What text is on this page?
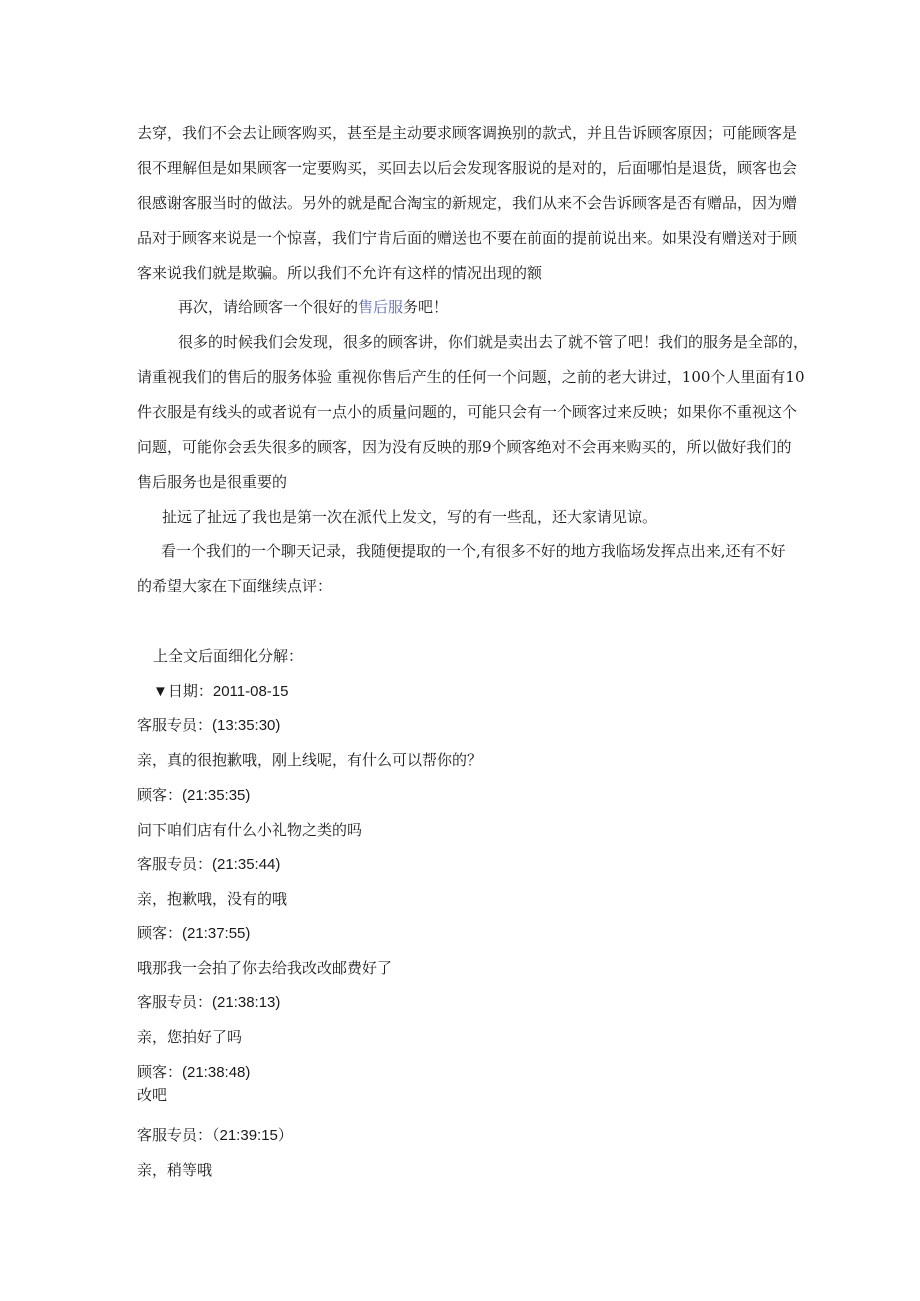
去穿，我们不会去让顾客购买，甚至是主动要求顾客调换别的款式，并且告诉顾客原因；可能顾客是
很不理解但是如果顾客一定要购买，买回去以后会发现客服说的是对的，后面哪怕是退货，顾客也会
很感谢客服当时的做法。另外的就是配合淘宝的新规定，我们从来不会告诉顾客是否有赠品，因为赠
品对于顾客来说是一个惊喜，我们宁肯后面的赠送也不要在前面的提前说出来。如果没有赠送对于顾
客来说我们就是欺骗。所以我们不允许有这样的情况出现的额

再次，请给顾客一个很好的售后服务吧！

很多的时候我们会发现，很多的顾客讲，你们就是卖出去了就不管了吧！我们的服务是全部的，
请重视我们的售后的服务体验 重视你售后产生的任何一个问题，之前的老大讲过，100个人里面有10
件衣服是有线头的或者说有一点小的质量问题的，可能只会有一个顾客过来反映；如果你不重视这个
问题，可能你会丢失很多的顾客，因为没有反映的那9个顾客绝对不会再来购买的，所以做好我们的
售后服务也是很重要的

扯远了扯远了我也是第一次在派代上发文，写的有一些乱，还大家请见谅。

看一个我们的一个聊天记录，我随便提取的一个,有很多不好的地方我临场发挥点出来,还有不好
的希望大家在下面继续点评：

上全文后面细化分解：

▼日期：2011-08-15

客服专员：(13:35:30)

亲，真的很抱歉哦，刚上线呢，有什么可以帮你的？

顾客：(21:35:35)

问下咱们店有什么小礼物之类的吗

客服专员：(21:35:44)

亲，抱歉哦，没有的哦

顾客：(21:37:55)

哦那我一会拍了你去给我改改邮费好了

客服专员：(21:38:13)

亲，您拍好了吗

顾客：(21:38:48)

改吧

客服专员：（21:39:15）

亲，稍等哦
